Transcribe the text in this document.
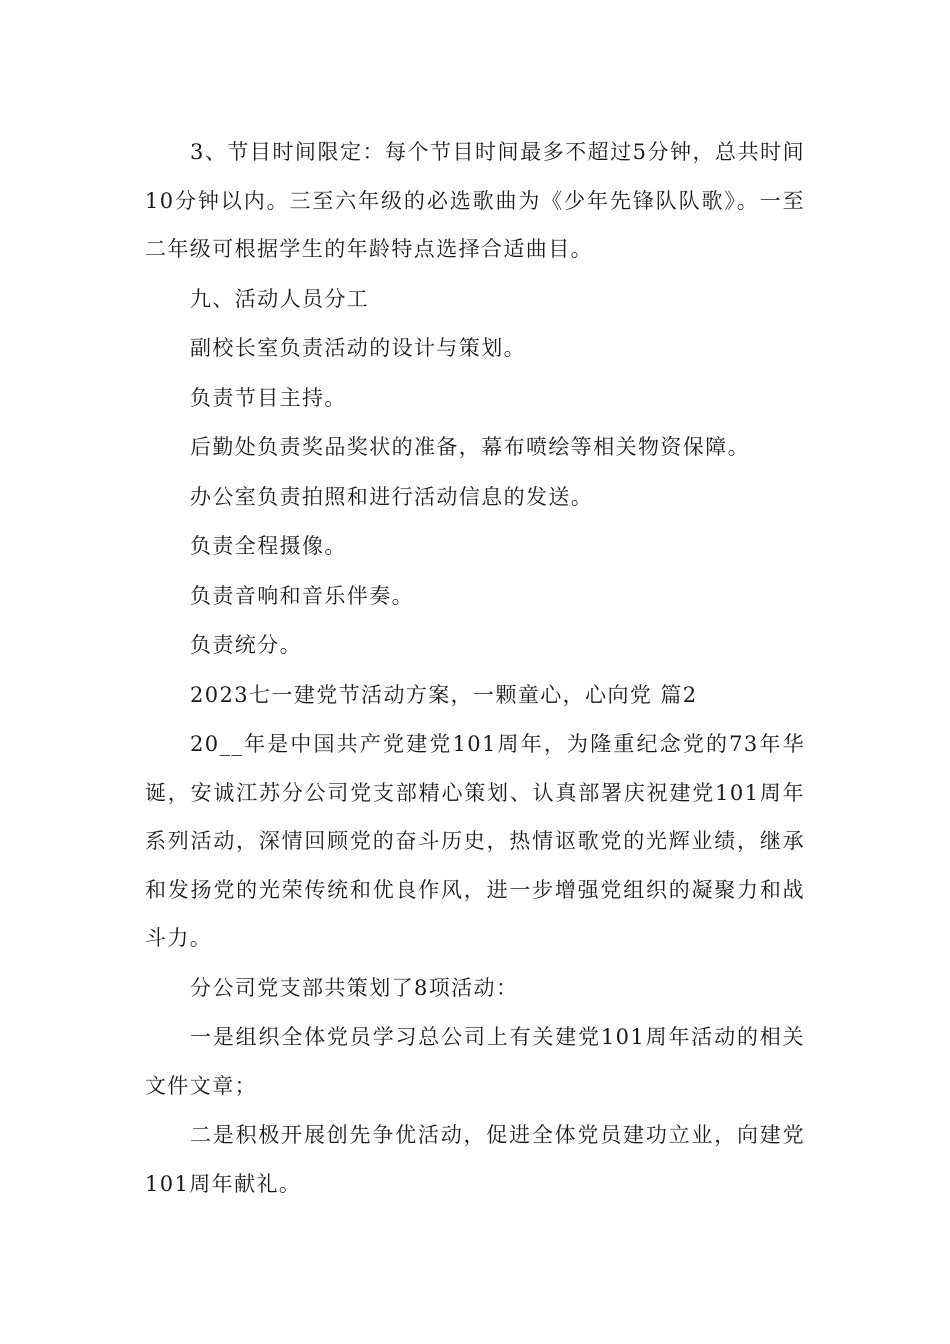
3、节目时间限定：每个节目时间最多不超过5分钟，总共时间10分钟以内。三至六年级的必选歌曲为《少年先锋队队歌》。一至二年级可根据学生的年龄特点选择合适曲目。

九、活动人员分工

副校长室负责活动的设计与策划。

负责节目主持。

后勤处负责奖品奖状的准备，幕布喷绘等相关物资保障。

办公室负责拍照和进行活动信息的发送。

负责全程摄像。

负责音响和音乐伴奏。

负责统分。

2023七一建党节活动方案，一颗童心，心向党 篇2

20__年是中国共产党建党101周年，为隆重纪念党的73年华诞，安诚江苏分公司党支部精心策划、认真部署庆祝建党101周年系列活动，深情回顾党的奋斗历史，热情讴歌党的光辉业绩，继承和发扬党的光荣传统和优良作风，进一步增强党组织的凝聚力和战斗力。

分公司党支部共策划了8项活动：

一是组织全体党员学习总公司上有关建党101周年活动的相关文件文章；

二是积极开展创先争优活动，促进全体党员建功立业，向建党101周年献礼。
